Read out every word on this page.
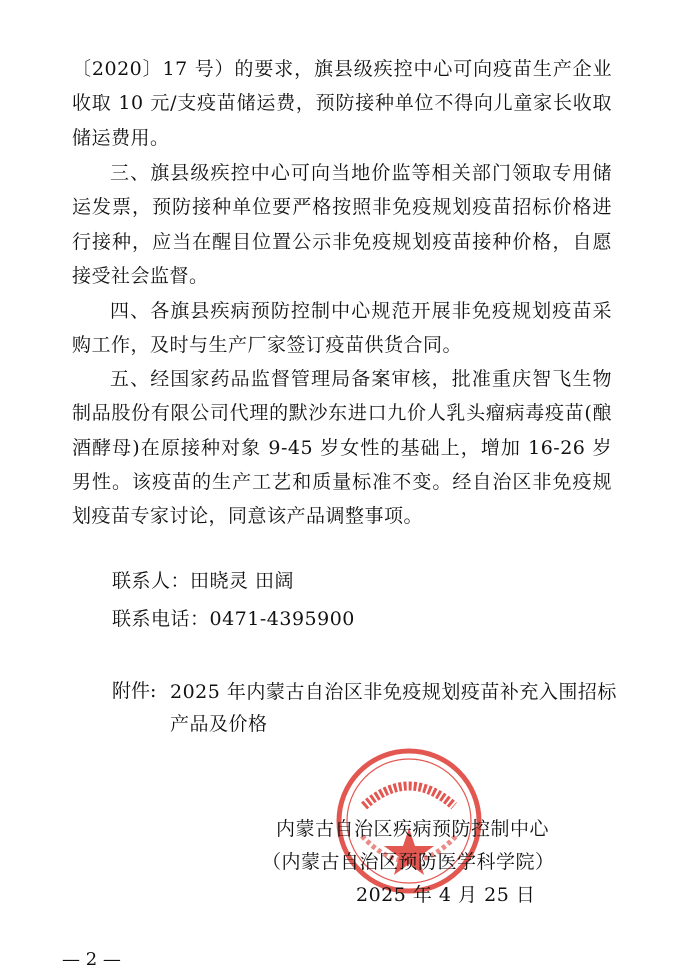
〔2020〕17 号）的要求，旗县级疾控中心可向疫苗生产企业收取 10 元/支疫苗储运费，预防接种单位不得向儿童家长收取储运费用。

三、旗县级疾控中心可向当地价监等相关部门领取专用储运发票，预防接种单位要严格按照非免疫规划疫苗招标价格进行接种，应当在醒目位置公示非免疫规划疫苗接种价格，自愿接受社会监督。

四、各旗县疾病预防控制中心规范开展非免疫规划疫苗采购工作，及时与生产厂家签订疫苗供货合同。

五、经国家药品监督管理局备案审核，批准重庆智飞生物制品股份有限公司代理的默沙东进口九价人乳头瘤病毒疫苗(酿酒酵母)在原接种对象 9-45 岁女性的基础上，增加 16-26 岁男性。该疫苗的生产工艺和质量标准不变。经自治区非免疫规划疫苗专家讨论，同意该产品调整事项。

联系人：田晓灵 田阔
联系电话：0471-4395900
附件: 2025 年内蒙古自治区非免疫规划疫苗补充入围招标产品及价格

内蒙古自治区疾病预防控制中心
（内蒙古自治区预防医学科学院）
2025 年 4 月 25 日
— 2 —
